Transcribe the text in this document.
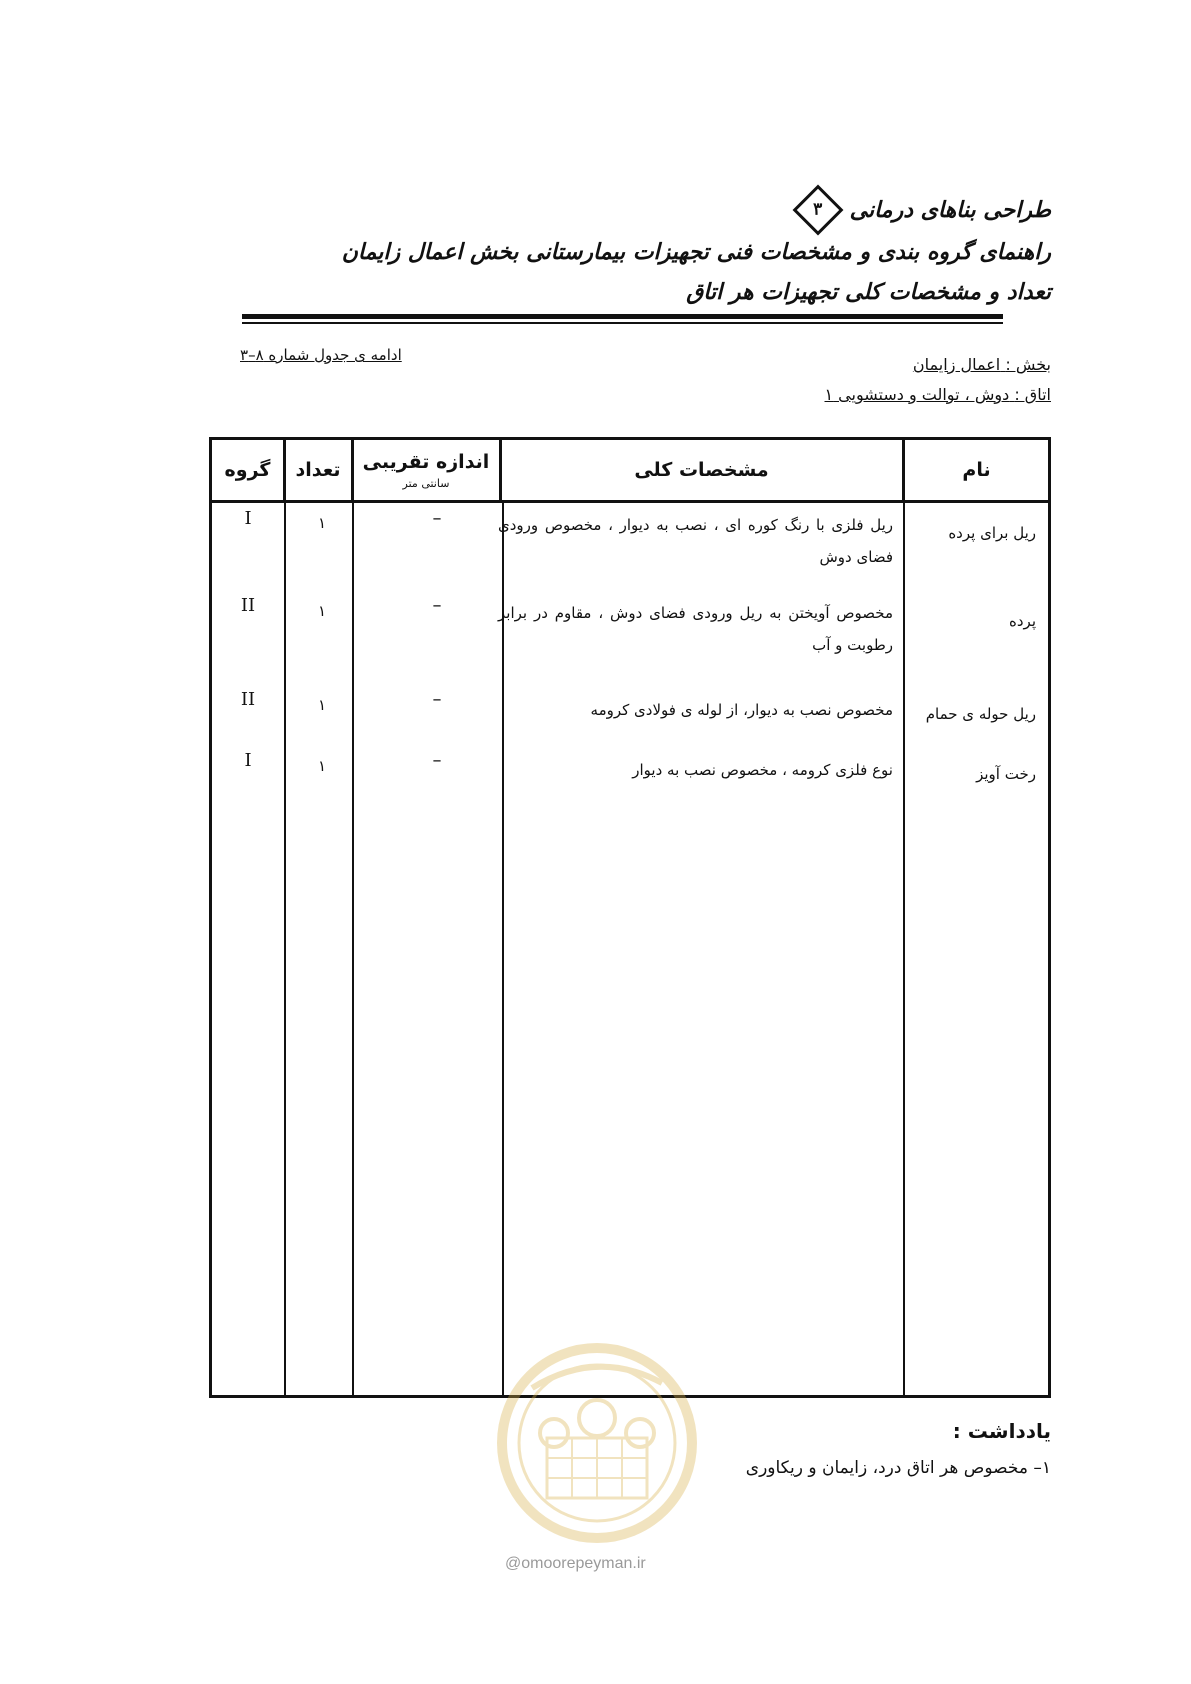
طراحی بناهای درمانی
۳
راهنمای گروه بندی و مشخصات فنی تجهیزات بیمارستانی بخش اعمال زایمان
تعداد و مشخصات کلی تجهیزات هر اتاق
بخش : اعمال زایمان
اتاق : دوش ، توالت و دستشویی ۱
ادامه ی جدول شماره ۸–۳
نام
مشخصات کلی
اندازه تقریبی
سانتی متر
تعداد
گروه
ریل برای پرده
ریل فلزی با رنگ کوره ای ، نصب به دیوار ، مخصوص ورودی فضای دوش
–
۱
I
پرده
مخصوص آویختن به ریل ورودی فضای دوش ، مقاوم در برابر رطوبت و آب
–
۱
II
ریل حوله ی حمام
مخصوص نصب به دیوار، از لوله ی فولادی کرومه
–
۱
II
رخت آویز
نوع فلزی کرومه ، مخصوص نصب به دیوار
–
۱
I
@omoorepeyman.ir
یادداشت :
۱– مخصوص هر اتاق درد، زایمان و ریکاوری
